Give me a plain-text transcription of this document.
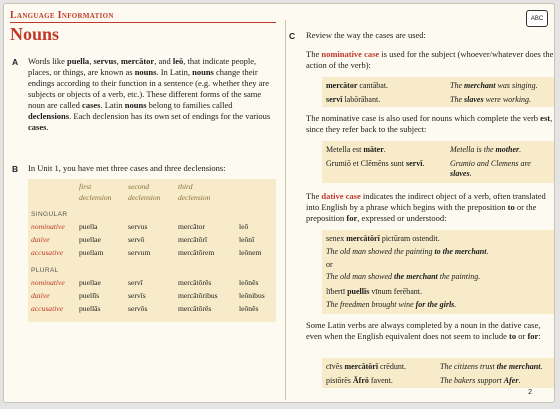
Language Information	ABC
Nouns
A Words like puella, servus, mercātor, and leō, that indicate people, places, or things, are known as nouns. In Latin, nouns change their endings according to their function in a sentence (e.g. whether they are subjects or objects of a verb, etc.). These different forms of the same noun are called cases. Latin nouns belong to families called declensions. Each declension has its own set of endings for the various cases.
B In Unit 1, you have met three cases and three declensions:
first
declension
second
declension
third
declension
SINGULAR
nominative puella	servus	mercātor	leō
dative	puellae	servō	mercātōrī	leōnī
accusative puellam	servum	mercātōrem	leōnem
PLURAL
nominative puellae	servī	mercātōrēs	leōnēs
dative	puellīs	servīs	mercātōribus	leōnibus
accusative puellās	servōs	mercātōrēs	leōnēs
C Review the way the cases are used:
The nominative case is used for the subject (whoever/whatever does the action of the verb):
mercātor cantābat.	The merchant was singing.
servī labōrābant.	The slaves were working.
The nominative case is also used for nouns which complete the verb est, since they refer back to the subject:
Metella est māter.	Metella is the mother.
Grumiō et Clēmēns sunt servī.	Grumio and Clemens are
slaves.
The dative case indicates the indirect object of a verb, often translated into English by a phrase which begins with the preposition to or the preposition for, expressed or understood:
senex mercātōrī pictūram ostendit.
The old man showed the painting to the merchant.
or
The old man showed the merchant the painting.
lībertī puellīs vīnum ferēbant.
The freedmen brought wine for the girls.
Some Latin verbs are always completed by a noun in the dative case, even when the English equivalent does not seem to include to or for:
cīvēs mercātōrī crēdunt.	The citizens trust the merchant.
pistōrēs Āfrō favent.	The bakers support Afer.
2
